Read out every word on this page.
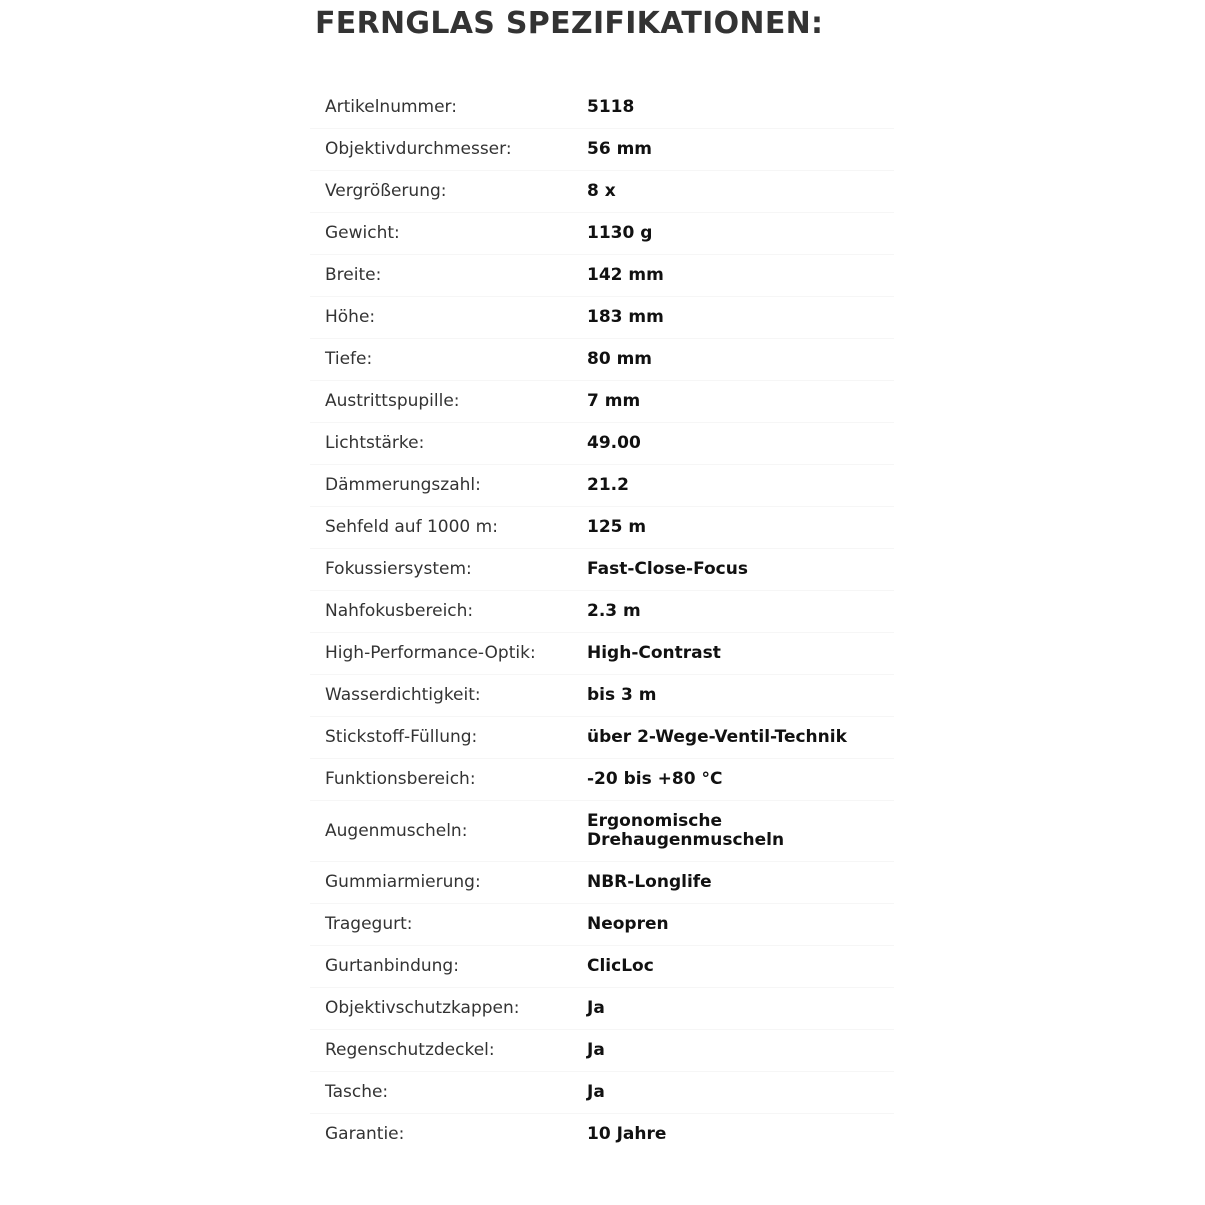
FERNGLAS SPEZIFIKATIONEN:
Artikelnummer:	5118
Objektivdurchmesser:	56 mm
Vergrößerung:	8 x
Gewicht:	1130 g
Breite:	142 mm
Höhe:	183 mm
Tiefe:	80 mm
Austrittspupille:	7 mm
Lichtstärke:	49.00
Dämmerungszahl:	21.2
Sehfeld auf 1000 m:	125 m
Fokussiersystem:	Fast-Close-Focus
Nahfokusbereich:	2.3 m
High-Performance-Optik:	High-Contrast
Wasserdichtigkeit:	bis 3 m
Stickstoff-Füllung:	über 2-Wege-Ventil-Technik
Funktionsbereich:	-20 bis +80 °C
Augenmuscheln:	Ergonomische Drehaugenmuscheln
Gummiarmierung:	NBR-Longlife
Tragegurt:	Neopren
Gurtanbindung:	ClicLoc
Objektivschutzkappen:	Ja
Regenschutzdeckel:	Ja
Tasche:	Ja
Garantie:	10 Jahre
